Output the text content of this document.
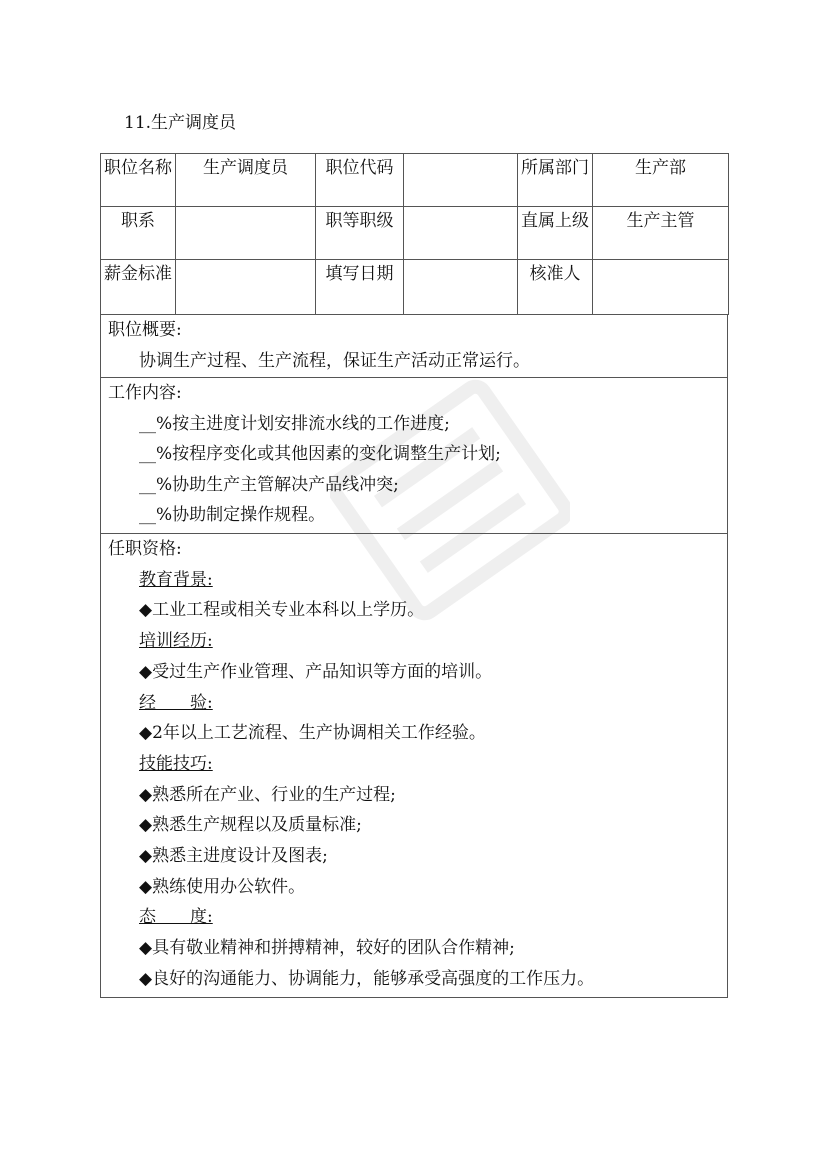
11.生产调度员
职位名称	生产调度员	职位代码		所属部门	生产部

职系		职等职级		直属上级	生产主管

薪金标准		填写日期		核准人	

职位概要:
协调生产过程、生产流程，保证生产活动正常运行。
工作内容:
__%按主进度计划安排流水线的工作进度;
__%按程序变化或其他因素的变化调整生产计划;
__%协助生产主管解决产品线冲突;
__%协助制定操作规程。
任职资格:
教育背景:
◆工业工程或相关专业本科以上学历。
培训经历:
◆受过生产作业管理、产品知识等方面的培训。
经　　验:
◆2年以上工艺流程、生产协调相关工作经验。
技能技巧:
◆熟悉所在产业、行业的生产过程;
◆熟悉生产规程以及质量标准;
◆熟悉主进度设计及图表;
◆熟练使用办公软件。
态　　度:
◆具有敬业精神和拼搏精神，较好的团队合作精神;
◆良好的沟通能力、协调能力，能够承受高强度的工作压力。
